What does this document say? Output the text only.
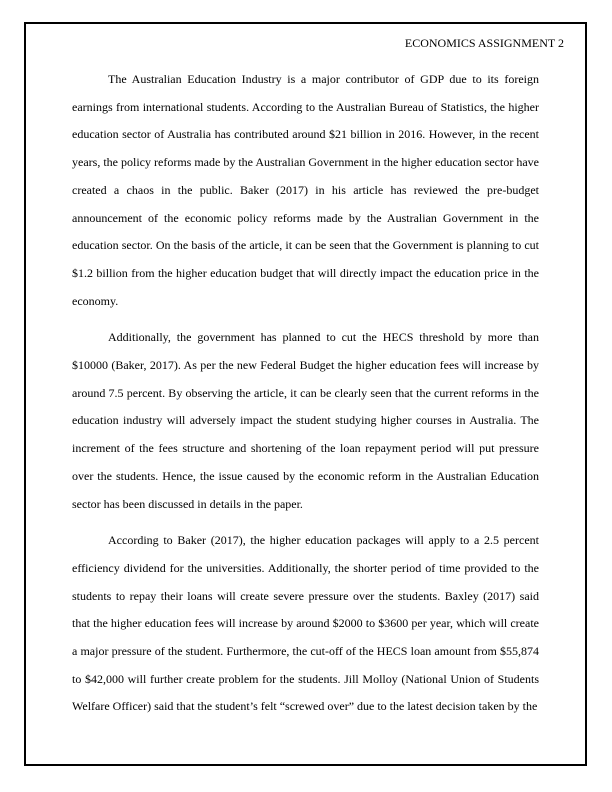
ECONOMICS ASSIGNMENT 2

The Australian Education Industry is a major contributor of GDP due to its foreign earnings from international students. According to the Australian Bureau of Statistics, the higher education sector of Australia has contributed around $21 billion in 2016. However, in the recent years, the policy reforms made by the Australian Government in the higher education sector have created a chaos in the public. Baker (2017) in his article has reviewed the pre-budget announcement of the economic policy reforms made by the Australian Government in the education sector. On the basis of the article, it can be seen that the Government is planning to cut $1.2 billion from the higher education budget that will directly impact the education price in the economy.

Additionally, the government has planned to cut the HECS threshold by more than $10000 (Baker, 2017). As per the new Federal Budget the higher education fees will increase by around 7.5 percent. By observing the article, it can be clearly seen that the current reforms in the education industry will adversely impact the student studying higher courses in Australia. The increment of the fees structure and shortening of the loan repayment period will put pressure over the students. Hence, the issue caused by the economic reform in the Australian Education sector has been discussed in details in the paper.

According to Baker (2017), the higher education packages will apply to a 2.5 percent efficiency dividend for the universities. Additionally, the shorter period of time provided to the students to repay their loans will create severe pressure over the students. Baxley (2017) said that the higher education fees will increase by around $2000 to $3600 per year, which will create a major pressure of the student. Furthermore, the cut-off of the HECS loan amount from $55,874 to $42,000 will further create problem for the students. Jill Molloy (National Union of Students Welfare Officer) said that the student’s felt “screwed over” due to the latest decision taken by the
